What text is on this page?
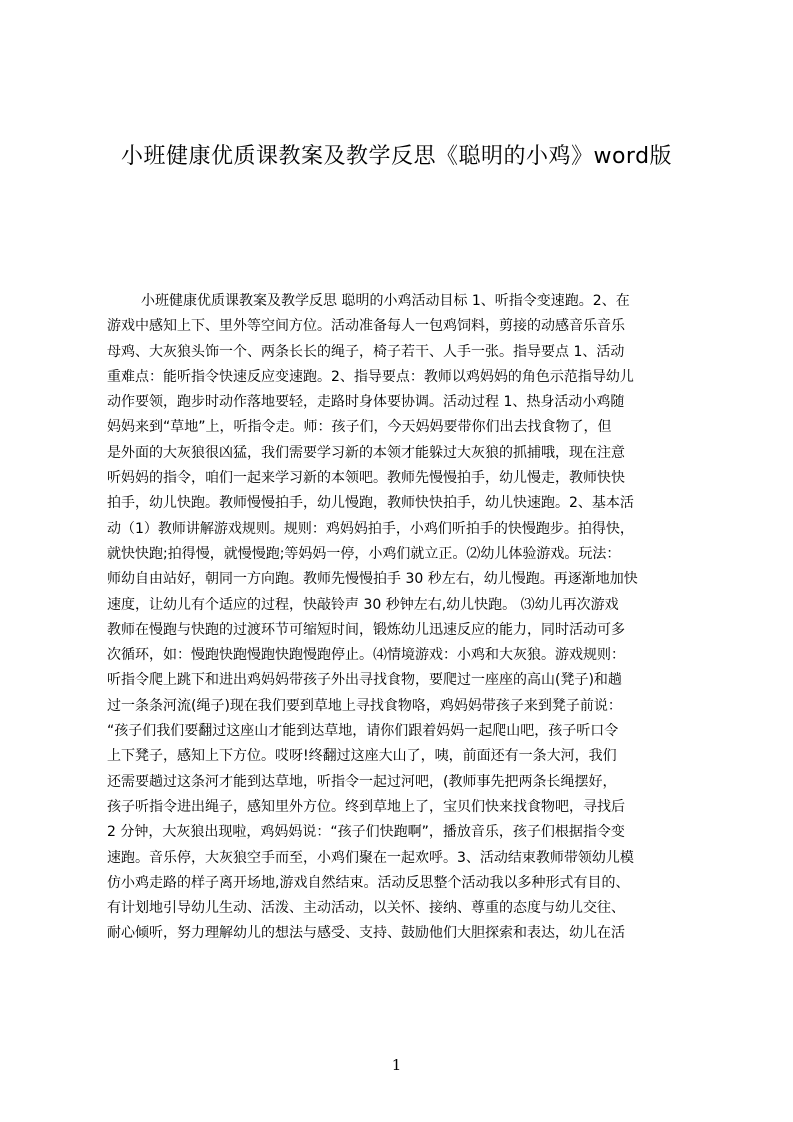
小班健康优质课教案及教学反思《聪明的小鸡》word版
小班健康优质课教案及教学反思 聪明的小鸡活动目标 1、听指令变速跑。2、在
游戏中感知上下、里外等空间方位。活动准备每人一包鸡饲料，剪接的动感音乐音乐
母鸡、大灰狼头饰一个、两条长长的绳子，椅子若干、人手一张。指导要点 1、活动
重难点：能听指令快速反应变速跑。2、指导要点：教师以鸡妈妈的角色示范指导幼儿
动作要领，跑步时动作落地要轻，走路时身体要协调。活动过程 1、热身活动小鸡随
妈妈来到“草地”上，听指令走。师：孩子们，今天妈妈要带你们出去找食物了，但
是外面的大灰狼很凶猛，我们需要学习新的本领才能躲过大灰狼的抓捕哦，现在注意
听妈妈的指令，咱们一起来学习新的本领吧。教师先慢慢拍手，幼儿慢走，教师快快
拍手，幼儿快跑。教师慢慢拍手，幼儿慢跑，教师快快拍手，幼儿快速跑。2、基本活
动（1）教师讲解游戏规则。规则：鸡妈妈拍手，小鸡们听拍手的快慢跑步。拍得快，
就快快跑;拍得慢，就慢慢跑;等妈妈一停，小鸡们就立正。⑵幼儿体验游戏。玩法：
师幼自由站好，朝同一方向跑。教师先慢慢拍手 30 秒左右，幼儿慢跑。再逐渐地加快
速度，让幼儿有个适应的过程，快敲铃声 30 秒钟左右,幼儿快跑。 ⑶幼儿再次游戏
教师在慢跑与快跑的过渡环节可缩短时间，锻炼幼儿迅速反应的能力，同时活动可多
次循环，如：慢跑快跑慢跑快跑慢跑停止。⑷情境游戏：小鸡和大灰狼。游戏规则：
听指令爬上跳下和进出鸡妈妈带孩子外出寻找食物，要爬过一座座的高山(凳子)和趟
过一条条河流(绳子)现在我们要到草地上寻找食物咯，鸡妈妈带孩子来到凳子前说：
“孩子们我们要翻过这座山才能到达草地，请你们跟着妈妈一起爬山吧，孩子听口令
上下凳子，感知上下方位。哎呀!终翻过这座大山了，咦，前面还有一条大河，我们
还需要趟过这条河才能到达草地，听指令一起过河吧，(教师事先把两条长绳摆好，
孩子听指令进出绳子，感知里外方位。终到草地上了，宝贝们快来找食物吧，寻找后
2 分钟，大灰狼出现啦，鸡妈妈说：“孩子们快跑啊”，播放音乐，孩子们根据指令变
速跑。音乐停，大灰狼空手而至，小鸡们聚在一起欢呼。3、活动结束教师带领幼儿模
仿小鸡走路的样子离开场地,游戏自然结束。活动反思整个活动我以多种形式有目的、
有计划地引导幼儿生动、活泼、主动活动，以关怀、接纳、尊重的态度与幼儿交往、
耐心倾听，努力理解幼儿的想法与感受、支持、鼓励他们大胆探索和表达，幼儿在活
1
